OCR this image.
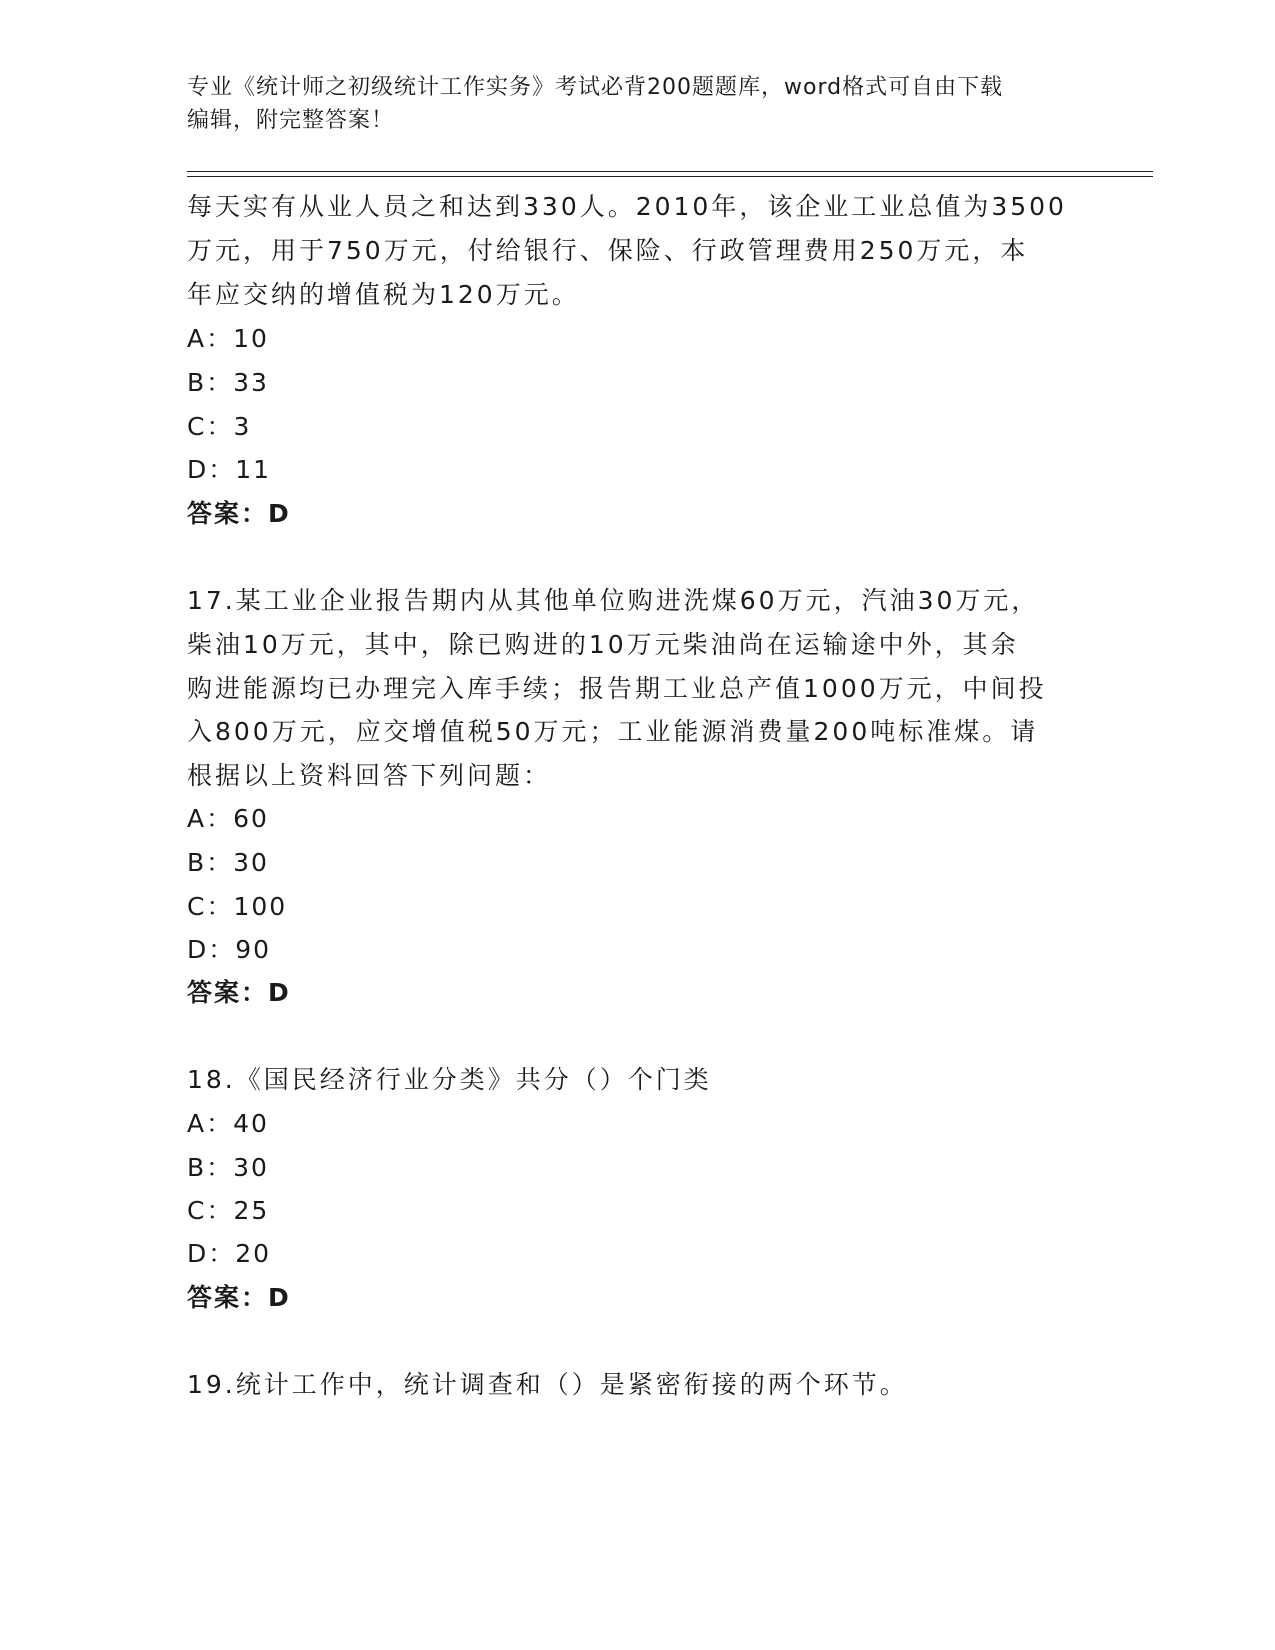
专业《统计师之初级统计工作实务》考试必背200题题库，word格式可自由下载
编辑，附完整答案！
每天实有从业人员之和达到330人。2010年，该企业工业总值为3500
万元，用于750万元，付给银行、保险、行政管理费用250万元，本
年应交纳的增值税为120万元。
A：10
B：33
C：3
D：11
答案：D
17.某工业企业报告期内从其他单位购进洗煤60万元，汽油30万元，
柴油10万元，其中，除已购进的10万元柴油尚在运输途中外，其余
购进能源均已办理完入库手续；报告期工业总产值1000万元，中间投
入800万元，应交增值税50万元；工业能源消费量200吨标准煤。请
根据以上资料回答下列问题：
A：60
B：30
C：100
D：90
答案：D
18.《国民经济行业分类》共分（）个门类
A：40
B：30
C：25
D：20
答案：D
19.统计工作中，统计调查和（）是紧密衔接的两个环节。
